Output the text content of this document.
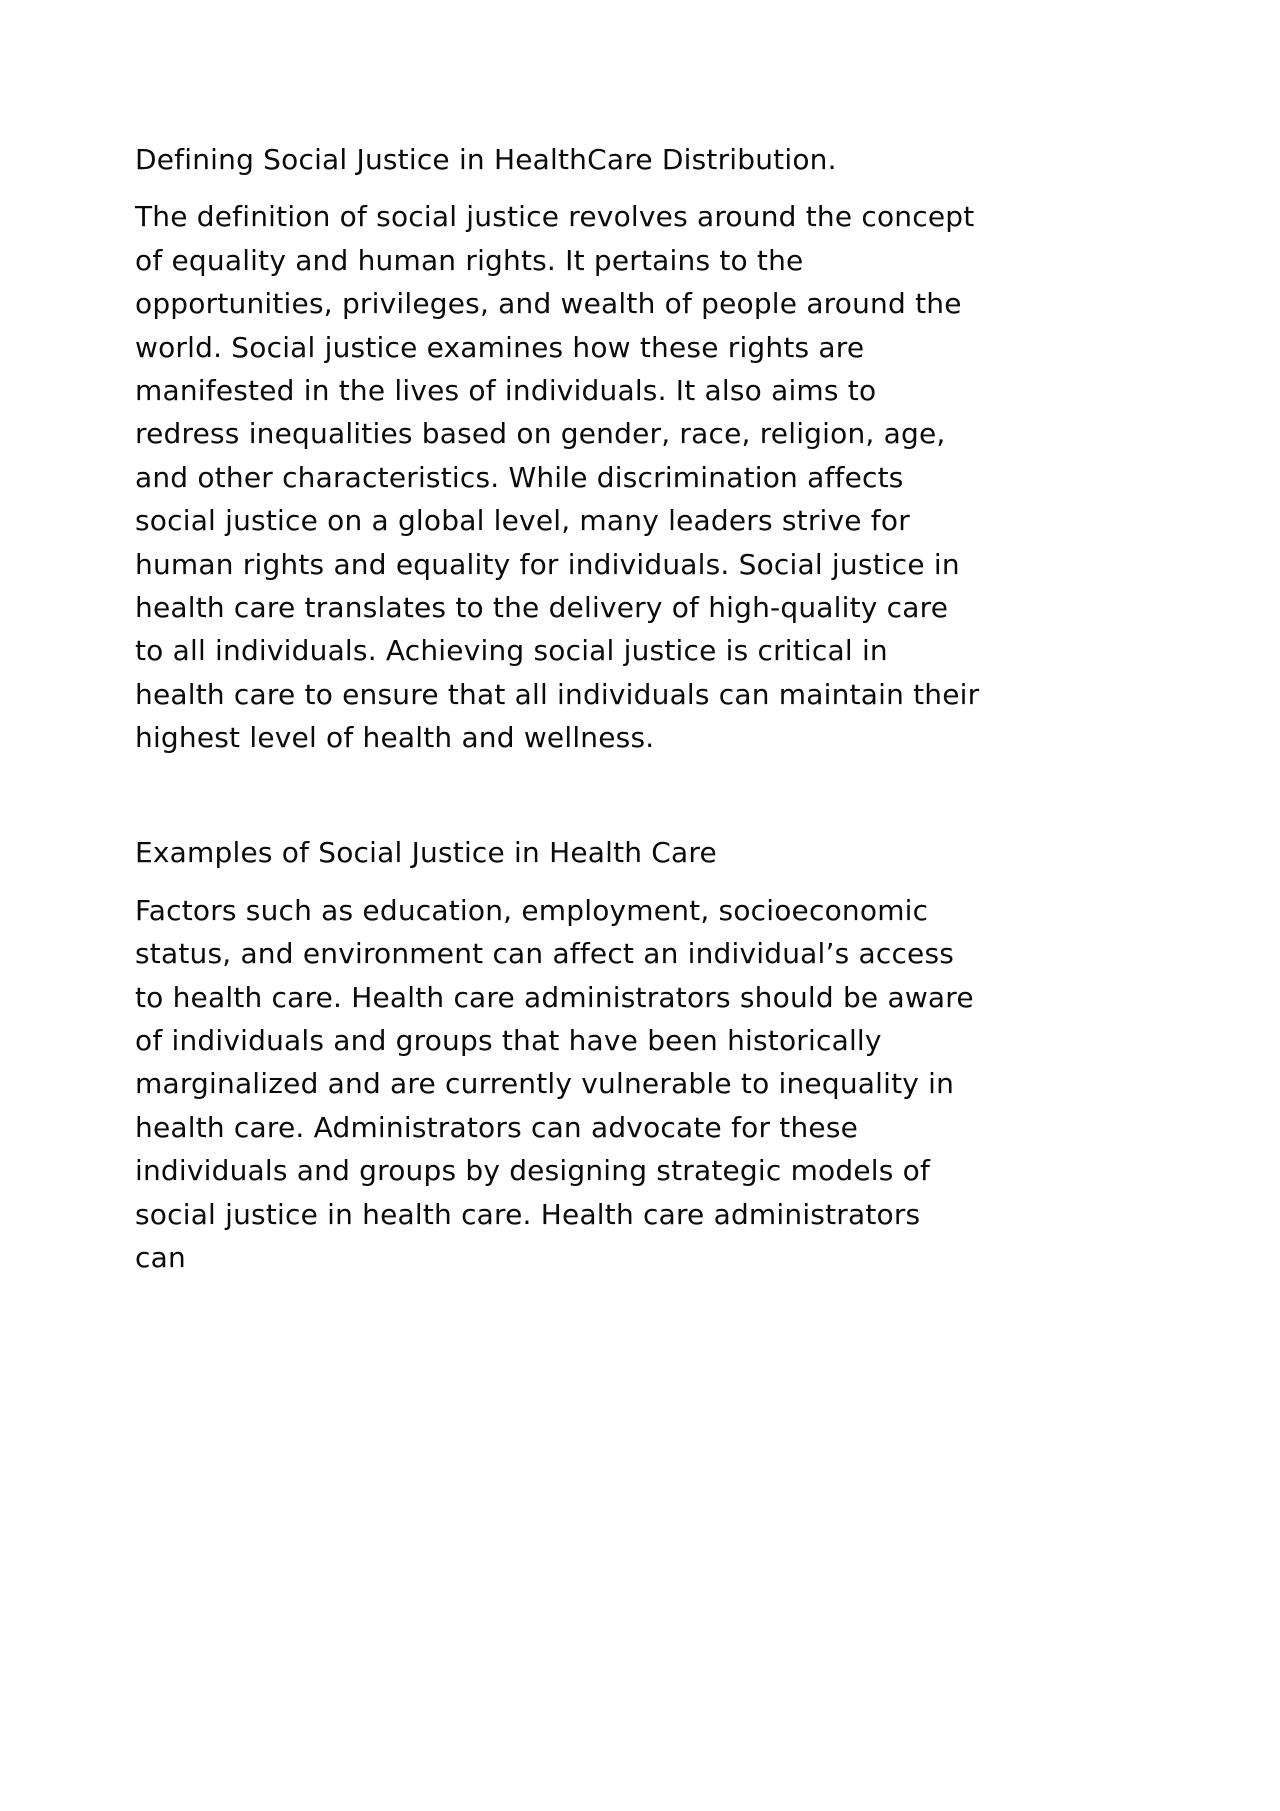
Defining Social Justice in HealthCare Distribution.

The definition of social justice revolves around the concept of equality and human rights. It pertains to the opportunities, privileges, and wealth of people around the world. Social justice examines how these rights are manifested in the lives of individuals. It also aims to redress inequalities based on gender, race, religion, age, and other characteristics. While discrimination affects social justice on a global level, many leaders strive for human rights and equality for individuals. Social justice in health care translates to the delivery of high-quality care to all individuals. Achieving social justice is critical in health care to ensure that all individuals can maintain their highest level of health and wellness.

Examples of Social Justice in Health Care

Factors such as education, employment, socioeconomic status, and environment can affect an individual’s access to health care. Health care administrators should be aware of individuals and groups that have been historically marginalized and are currently vulnerable to inequality in health care. Administrators can advocate for these individuals and groups by designing strategic models of social justice in health care. Health care administrators can
